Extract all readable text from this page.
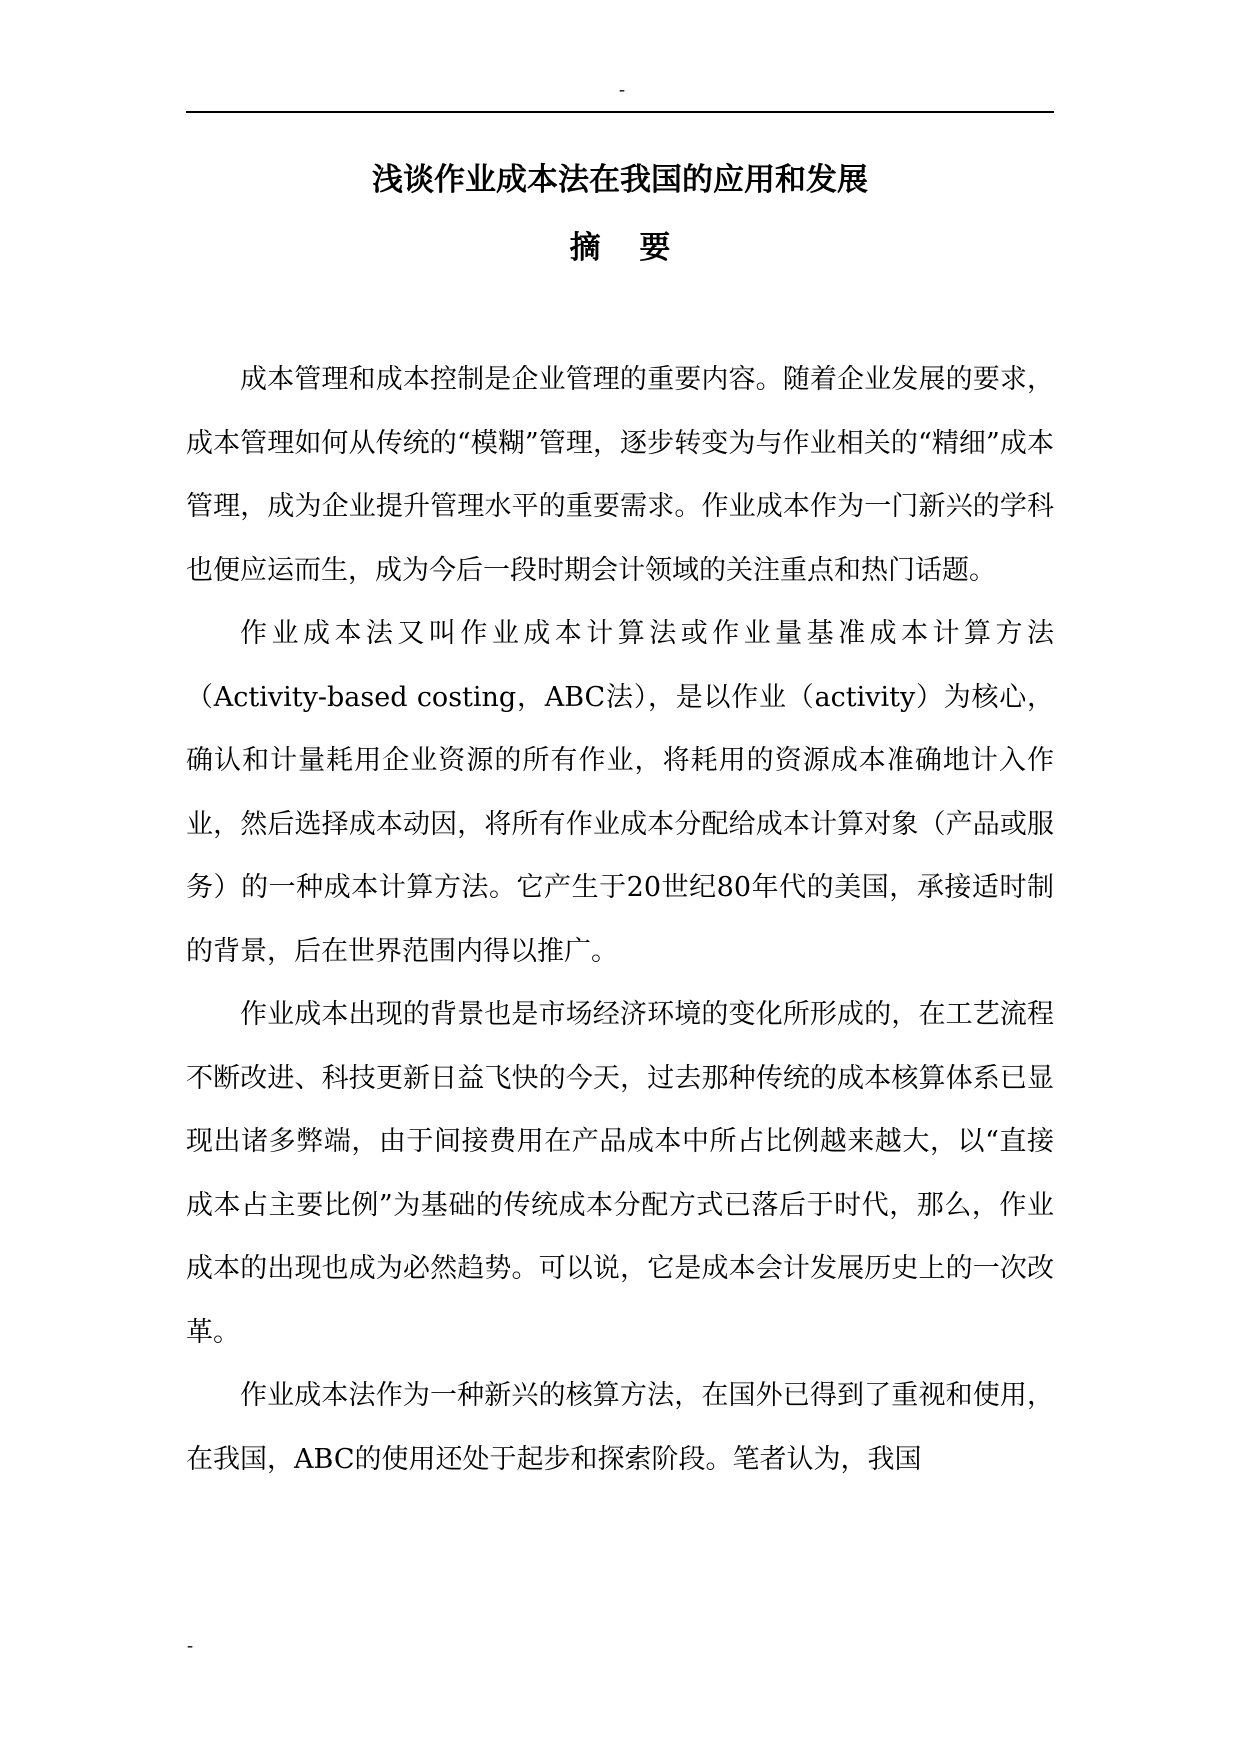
-
浅谈作业成本法在我国的应用和发展
摘 要

成本管理和成本控制是企业管理的重要内容。随着企业发展的要求，成本管理如何从传统的“模糊”管理，逐步转变为与作业相关的“精细”成本管理，成为企业提升管理水平的重要需求。作业成本作为一门新兴的学科也便应运而生，成为今后一段时期会计领域的关注重点和热门话题。

作业成本法又叫作业成本计算法或作业量基准成本计算方法（Activity-based costing，ABC法），是以作业（activity）为核心，确认和计量耗用企业资源的所有作业，将耗用的资源成本准确地计入作业，然后选择成本动因，将所有作业成本分配给成本计算对象（产品或服务）的一种成本计算方法。它产生于20世纪80年代的美国，承接适时制的背景，后在世界范围内得以推广。

作业成本出现的背景也是市场经济环境的变化所形成的，在工艺流程不断改进、科技更新日益飞快的今天，过去那种传统的成本核算体系已显现出诸多弊端，由于间接费用在产品成本中所占比例越来越大，以“直接成本占主要比例”为基础的传统成本分配方式已落后于时代，那么，作业成本的出现也成为必然趋势。可以说，它是成本会计发展历史上的一次改革。

作业成本法作为一种新兴的核算方法，在国外已得到了重视和使用，在我国，ABC的使用还处于起步和探索阶段。笔者认为，我国

-
